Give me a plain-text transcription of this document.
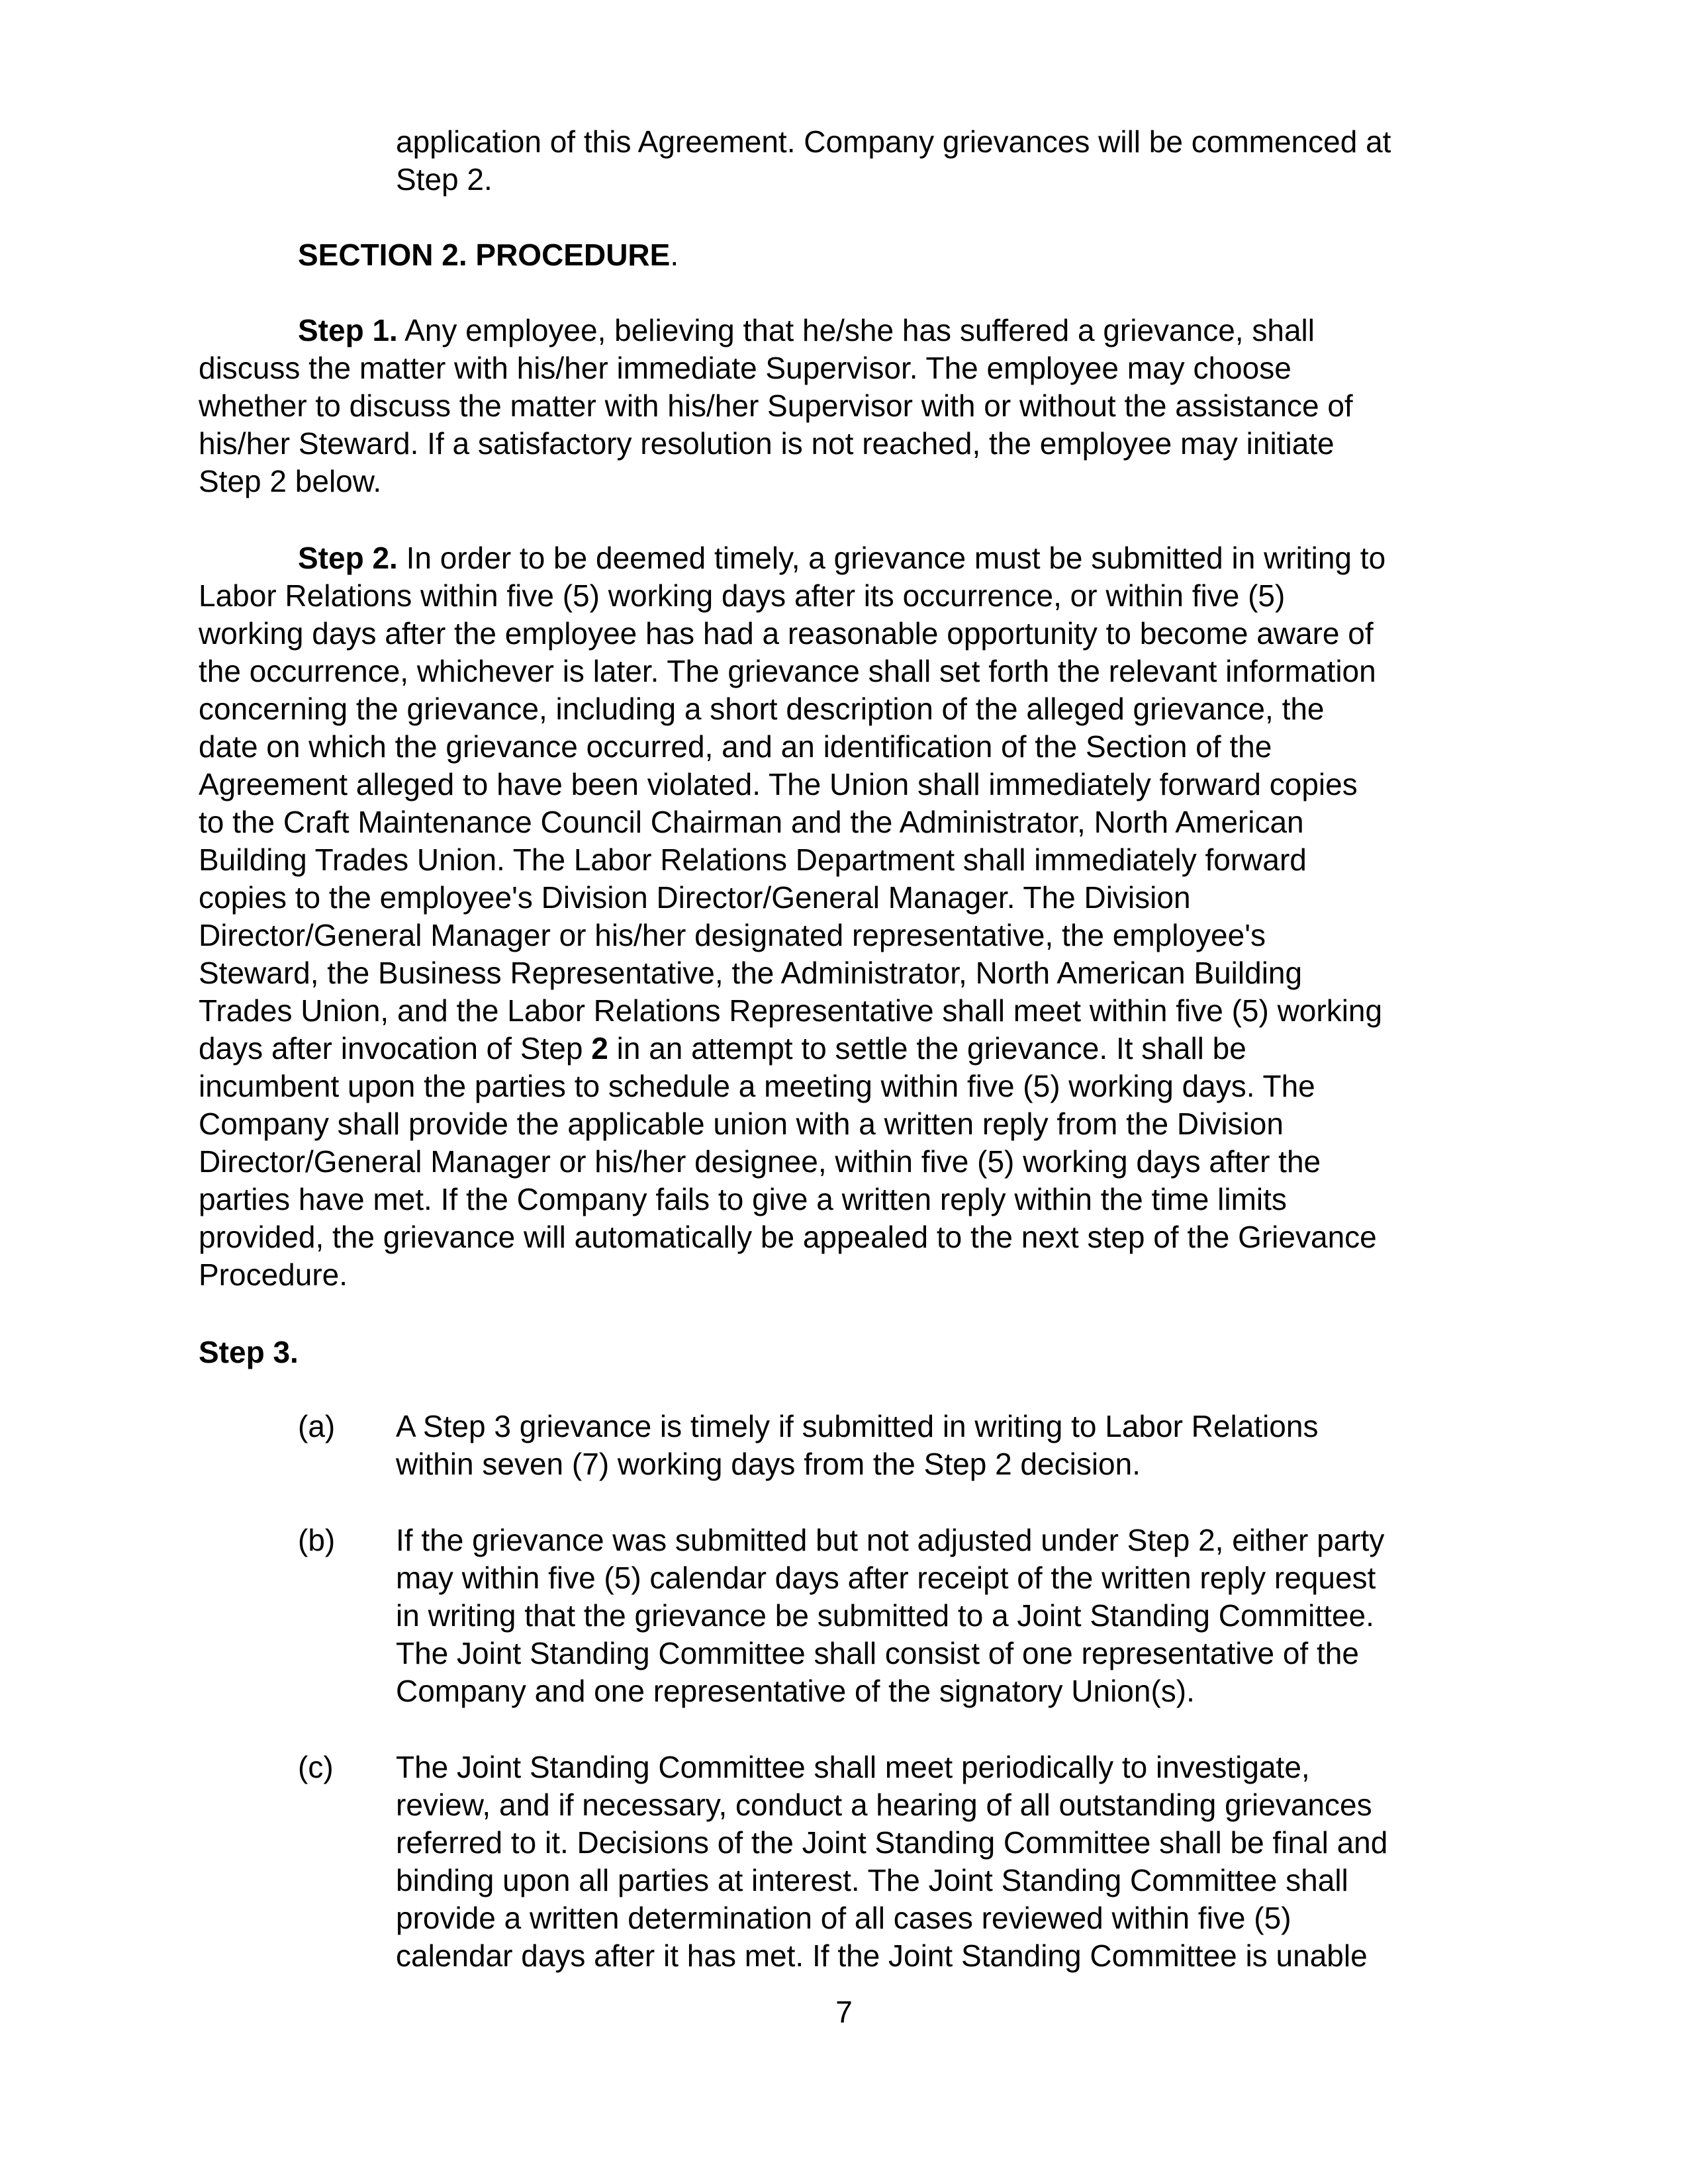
application of this Agreement. Company grievances will be commenced at
Step 2.
SECTION 2. PROCEDURE.
Step 1. Any employee, believing that he/she has suffered a grievance, shall
discuss the matter with his/her immediate Supervisor. The employee may choose
whether to discuss the matter with his/her Supervisor with or without the assistance of
his/her Steward. If a satisfactory resolution is not reached, the employee may initiate
Step 2 below.
Step 2. In order to be deemed timely, a grievance must be submitted in writing to
Labor Relations within five (5) working days after its occurrence, or within five (5)
working days after the employee has had a reasonable opportunity to become aware of
the occurrence, whichever is later. The grievance shall set forth the relevant information
concerning the grievance, including a short description of the alleged grievance, the
date on which the grievance occurred, and an identification of the Section of the
Agreement alleged to have been violated. The Union shall immediately forward copies
to the Craft Maintenance Council Chairman and the Administrator, North American
Building Trades Union. The Labor Relations Department shall immediately forward
copies to the employee's Division Director/General Manager. The Division
Director/General Manager or his/her designated representative, the employee's
Steward, the Business Representative, the Administrator, North American Building
Trades Union, and the Labor Relations Representative shall meet within five (5) working
days after invocation of Step 2 in an attempt to settle the grievance. It shall be
incumbent upon the parties to schedule a meeting within five (5) working days. The
Company shall provide the applicable union with a written reply from the Division
Director/General Manager or his/her designee, within five (5) working days after the
parties have met. If the Company fails to give a written reply within the time limits
provided, the grievance will automatically be appealed to the next step of the Grievance
Procedure.
Step 3.
(a) A Step 3 grievance is timely if submitted in writing to Labor Relations
within seven (7) working days from the Step 2 decision.
(b) If the grievance was submitted but not adjusted under Step 2, either party
may within five (5) calendar days after receipt of the written reply request
in writing that the grievance be submitted to a Joint Standing Committee.
The Joint Standing Committee shall consist of one representative of the
Company and one representative of the signatory Union(s).
(c) The Joint Standing Committee shall meet periodically to investigate,
review, and if necessary, conduct a hearing of all outstanding grievances
referred to it. Decisions of the Joint Standing Committee shall be final and
binding upon all parties at interest. The Joint Standing Committee shall
provide a written determination of all cases reviewed within five (5)
calendar days after it has met. If the Joint Standing Committee is unable
7
